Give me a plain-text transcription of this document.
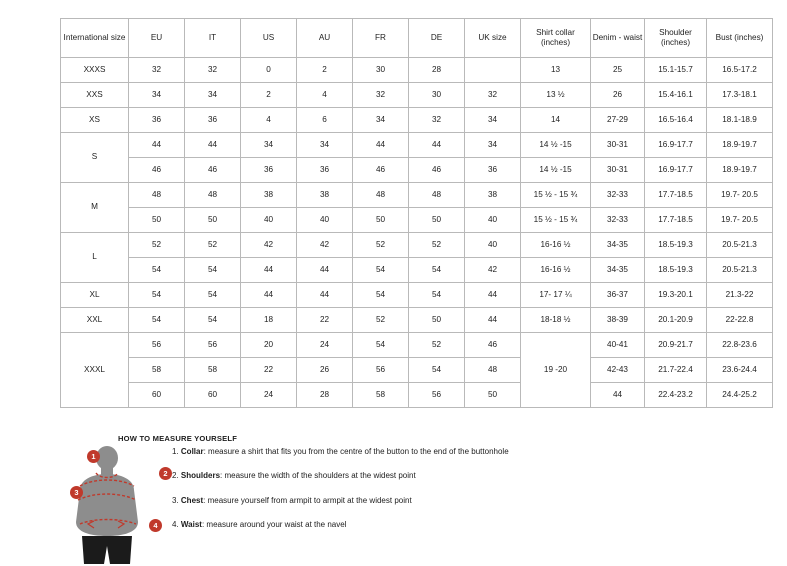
International size	EU	IT	US	AU	FR	DE	UK size	Shirt collar (inches)	Denim - waist	Shoulder (inches)	Bust (inches)
XXXS	32	32	0	2	30	28		13	25	15.1-15.7	16.5-17.2
XXS	34	34	2	4	32	30	32	13 ½	26	15.4-16.1	17.3-18.1
XS	36	36	4	6	34	32	34	14	27-29	16.5-16.4	18.1-18.9
S	44	44	34	34	44	44	34	14 ½ -15	30-31	16.9-17.7	18.9-19.7
	46	46	36	36	46	46	36	14 ½ -15	30-31	16.9-17.7	18.9-19.7
M	48	48	38	38	48	48	38	15 ½ - 15 ¾	32-33	17.7-18.5	19.7- 20.5
	50	50	40	40	50	50	40	15 ½ - 15 ¾	32-33	17.7-18.5	19.7- 20.5
L	52	52	42	42	52	52	40	16-16 ½	34-35	18.5-19.3	20.5-21.3
	54	54	44	44	54	54	42	16-16 ½	34-35	18.5-19.3	20.5-21.3
XL	54	54	44	44	54	54	44	17- 17 ¼	36-37	19.3-20.1	21.3-22
XXL	54	54	18	22	52	50	44	18-18 ½	38-39	20.1-20.9	22-22.8
XXXL	56	56	20	24	54	52	46	19 -20	40-41	20.9-21.7	22.8-23.6
	58	58	22	26	56	54	48		42-43	21.7-22.4	23.6-24.4
	60	60	24	28	58	56	50		44	22.4-23.2	24.4-25.2
HOW TO MEASURE YOURSELF
1. Collar: measure a shirt that fits you from the centre of the button to the end of the buttonhole
2. Shoulders: measure the width of the shoulders at the widest point
3. Chest: measure yourself from armpit to armpit at the widest point
4. Waist: measure around your waist at the navel
1
2
3
4
